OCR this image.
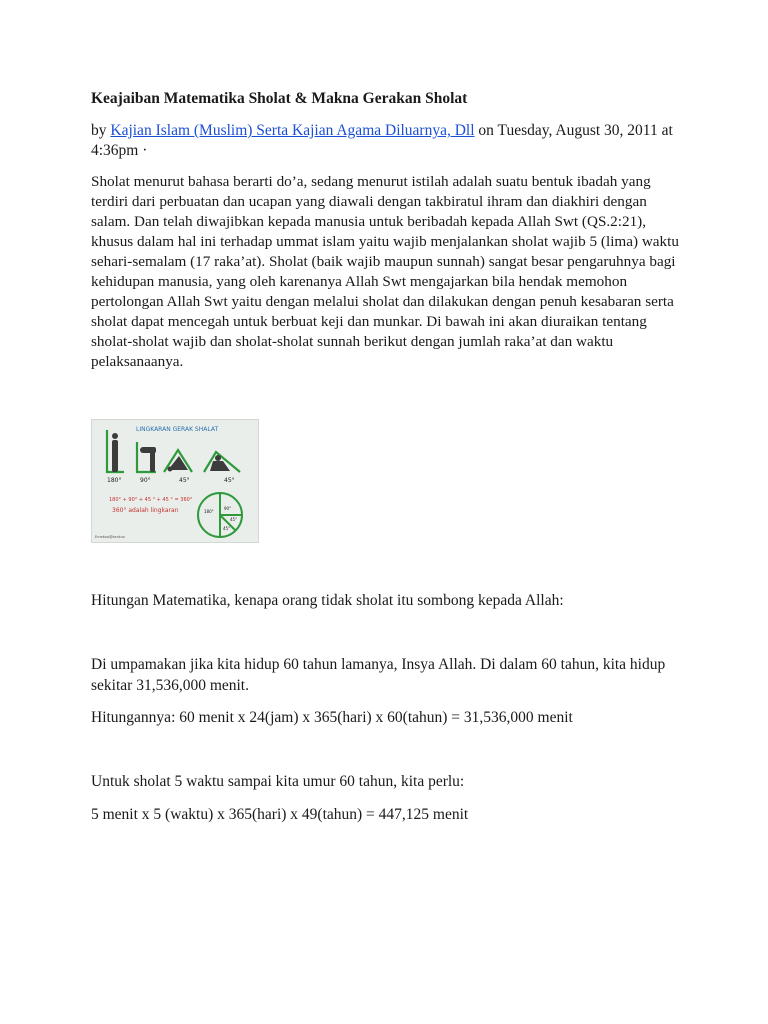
Keajaiban Matematika Sholat & Makna Gerakan Sholat

by Kajian Islam (Muslim) Serta Kajian Agama Diluarnya, Dll on Tuesday, August 30, 2011 at 4:36pm ·

Sholat menurut bahasa berarti do’a, sedang menurut istilah adalah suatu bentuk ibadah yang terdiri dari perbuatan dan ucapan yang diawali dengan takbiratul ihram dan diakhiri dengan salam. Dan telah diwajibkan kepada manusia untuk beribadah kepada Allah Swt (QS.2:21), khusus dalam hal ini terhadap ummat islam yaitu wajib menjalankan sholat wajib 5 (lima) waktu sehari-semalam (17 raka’at). Sholat (baik wajib maupun sunnah) sangat besar pengaruhnya bagi kehidupan manusia, yang oleh karenanya Allah Swt mengajarkan bila hendak memohon pertolongan Allah Swt yaitu dengan melalui sholat dan dilakukan dengan penuh kesabaran serta sholat dapat mencegah untuk berbuat keji dan munkar. Di bawah ini akan diuraikan tentang sholat-sholat wajib dan sholat-sholat sunnah berikut dengan jumlah raka’at dan waktu pelaksanaanya.

LINGKARAN GERAK SHALAT
180°	90°	45°	45°
180° + 90° + 45 ° + 45 ° = 360°
360° adalah lingkaran	180°
90°
45°
45°
Emekoo@kankun

Hitungan Matematika, kenapa orang tidak sholat itu sombong kepada Allah:

Di umpamakan jika kita hidup 60 tahun lamanya, Insya Allah. Di dalam 60 tahun, kita hidup sekitar 31,536,000 menit.

Hitungannya: 60 menit x 24(jam) x 365(hari) x 60(tahun) = 31,536,000 menit

Untuk sholat 5 waktu sampai kita umur 60 tahun, kita perlu:

5 menit x 5 (waktu) x 365(hari) x 49(tahun) = 447,125 menit
